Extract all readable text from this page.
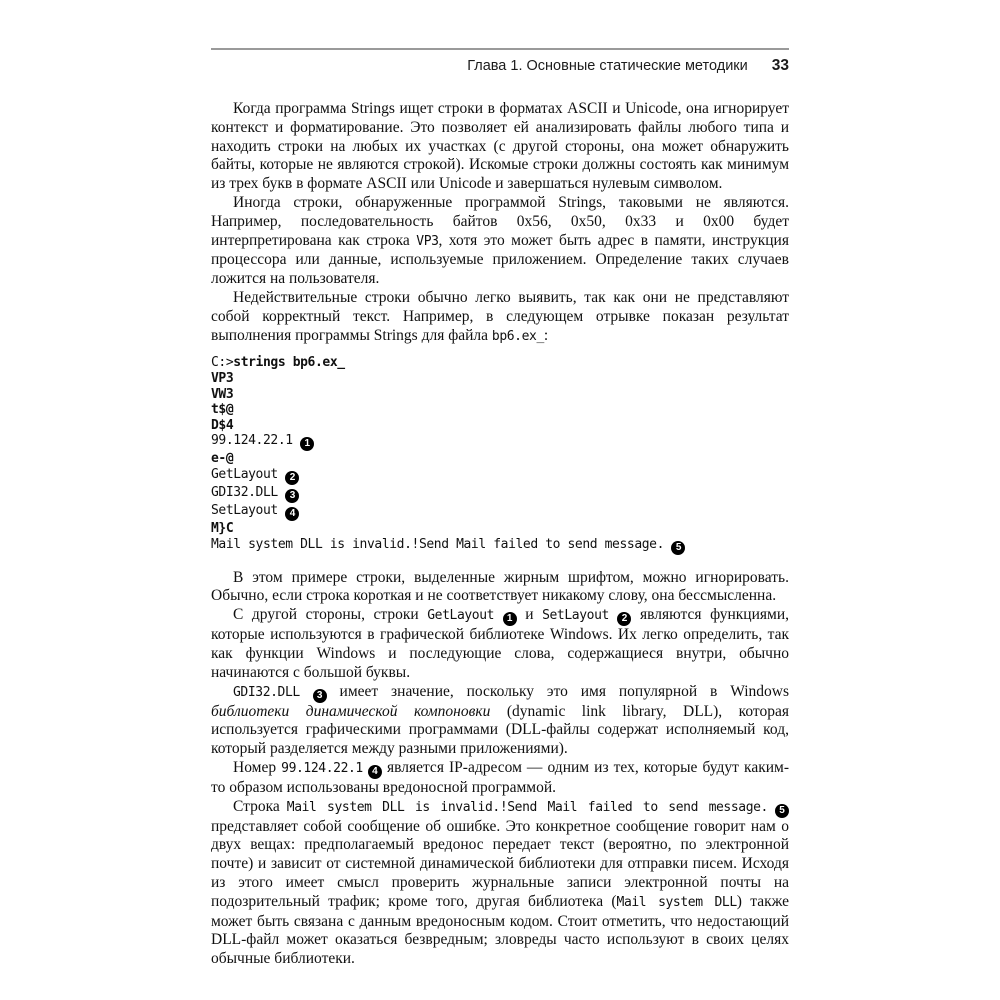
Глава 1. Основные статические методики 33

Когда программа Strings ищет строки в форматах ASCII и Unicode, она игнорирует контекст и форматирование. Это позволяет ей анализировать файлы любого типа и находить строки на любых их участках (с другой стороны, она может обнаружить байты, которые не являются строкой). Искомые строки должны состоять как минимум из трех букв в формате ASCII или Unicode и завершаться нулевым символом.

Иногда строки, обнаруженные программой Strings, таковыми не являются. Например, последовательность байтов 0x56, 0x50, 0x33 и 0x00 будет интерпретирована как строка VP3, хотя это может быть адрес в памяти, инструкция процессора или данные, используемые приложением. Определение таких случаев ложится на пользователя.

Недействительные строки обычно легко выявить, так как они не представляют собой корректный текст. Например, в следующем отрывке показан результат выполнения программы Strings для файла bp6.ex_:

C:>strings bp6.ex_
VP3
VW3
t$@
D$4
99.124.22.1 1
e-@
GetLayout 2
GDI32.DLL 3
SetLayout 4
M}C
Mail system DLL is invalid.!Send Mail failed to send message. 5

В этом примере строки, выделенные жирным шрифтом, можно игнорировать. Обычно, если строка короткая и не соответствует никакому слову, она бессмысленна.

С другой стороны, строки GetLayout 1 и SetLayout 2 являются функциями, которые используются в графической библиотеке Windows. Их легко определить, так как функции Windows и последующие слова, содержащиеся внутри, обычно начинаются с большой буквы.

GDI32.DLL 3 имеет значение, поскольку это имя популярной в Windows библиотеки динамической компоновки (dynamic link library, DLL), которая используется графическими программами (DLL-файлы содержат исполняемый код, который разделяется между разными приложениями).

Номер 99.124.22.1 4 является IP-адресом — одним из тех, которые будут каким-то образом использованы вредоносной программой.

Строка Mail system DLL is invalid.!Send Mail failed to send message. 5 представляет собой сообщение об ошибке. Это конкретное сообщение говорит нам о двух вещах: предполагаемый вредонос передает текст (вероятно, по электронной почте) и зависит от системной динамической библиотеки для отправки писем. Исходя из этого имеет смысл проверить журнальные записи электронной почты на подозрительный трафик; кроме того, другая библиотека (Mail system DLL) также может быть связана с данным вредоносным кодом. Стоит отметить, что недостающий DLL-файл может оказаться безвредным; зловреды часто используют в своих целях обычные библиотеки.
